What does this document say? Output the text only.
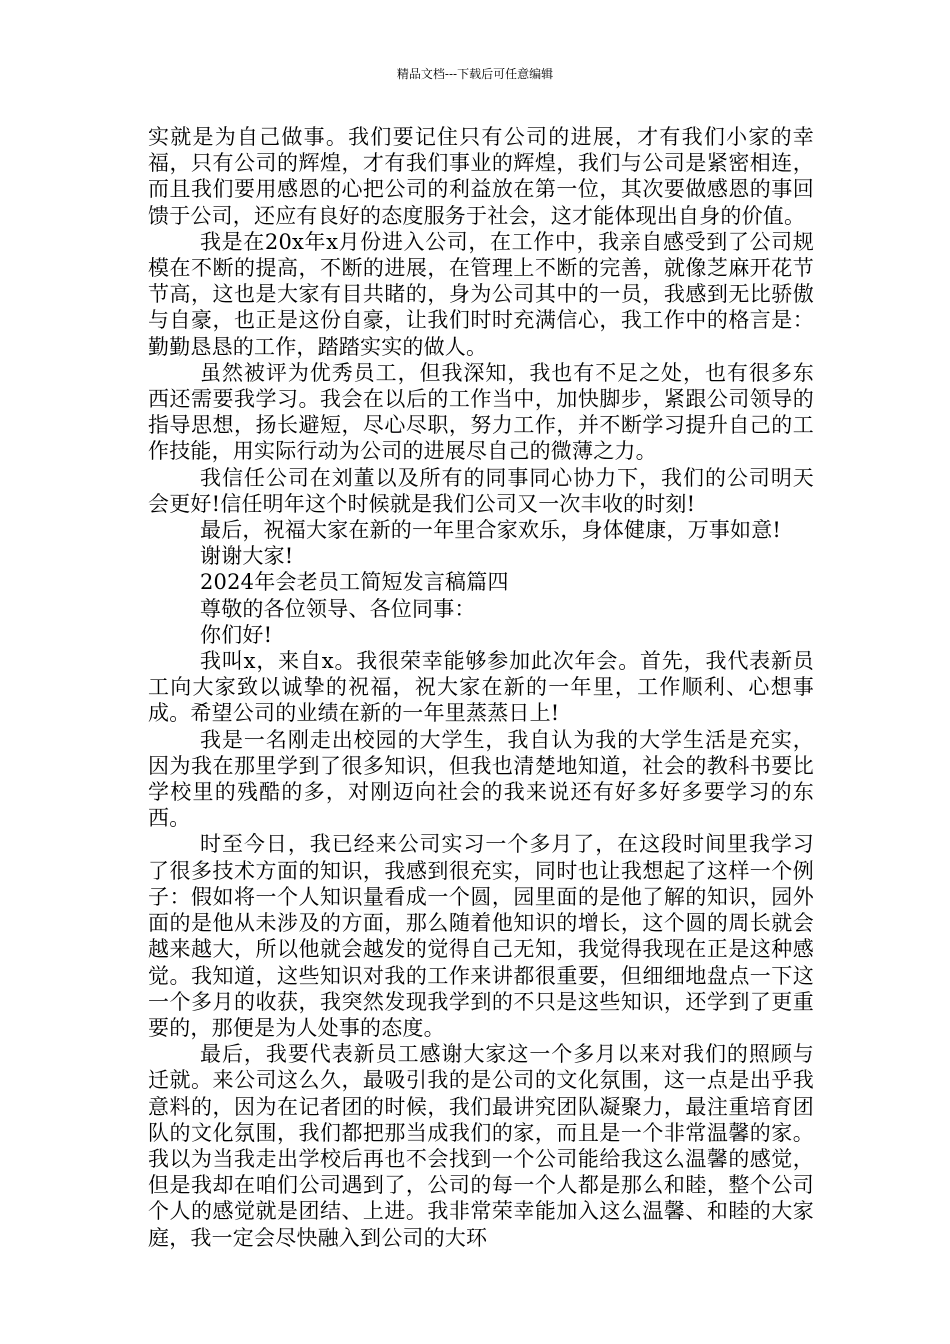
精品文档---下载后可任意编辑

实就是为自己做事。我们要记住只有公司的进展，才有我们小家的幸福，只有公司的辉煌，才有我们事业的辉煌，我们与公司是紧密相连，而且我们要用感恩的心把公司的利益放在第一位，其次要做感恩的事回馈于公司，还应有良好的态度服务于社会，这才能体现出自身的价值。

我是在20x年x月份进入公司，在工作中，我亲自感受到了公司规模在不断的提高，不断的进展，在管理上不断的完善，就像芝麻开花节节高，这也是大家有目共睹的，身为公司其中的一员，我感到无比骄傲与自豪，也正是这份自豪，让我们时时充满信心，我工作中的格言是：勤勤恳恳的工作，踏踏实实的做人。

虽然被评为优秀员工，但我深知，我也有不足之处，也有很多东西还需要我学习。我会在以后的工作当中，加快脚步，紧跟公司领导的指导思想，扬长避短，尽心尽职，努力工作，并不断学习提升自己的工作技能，用实际行动为公司的进展尽自己的微薄之力。

我信任公司在刘董以及所有的同事同心协力下，我们的公司明天会更好!信任明年这个时候就是我们公司又一次丰收的时刻!

最后，祝福大家在新的一年里合家欢乐，身体健康，万事如意!

谢谢大家!

2024年会老员工简短发言稿篇四

尊敬的各位领导、各位同事：

你们好!

我叫x，来自x。我很荣幸能够参加此次年会。首先，我代表新员工向大家致以诚挚的祝福，祝大家在新的一年里，工作顺利、心想事成。希望公司的业绩在新的一年里蒸蒸日上!

我是一名刚走出校园的大学生，我自认为我的大学生活是充实，因为我在那里学到了很多知识，但我也清楚地知道，社会的教科书要比学校里的残酷的多，对刚迈向社会的我来说还有好多好多要学习的东西。

时至今日，我已经来公司实习一个多月了，在这段时间里我学习了很多技术方面的知识，我感到很充实，同时也让我想起了这样一个例子：假如将一个人知识量看成一个圆，园里面的是他了解的知识，园外面的是他从未涉及的方面，那么随着他知识的增长，这个圆的周长就会越来越大，所以他就会越发的觉得自己无知，我觉得我现在正是这种感觉。我知道，这些知识对我的工作来讲都很重要，但细细地盘点一下这一个多月的收获，我突然发现我学到的不只是这些知识，还学到了更重要的，那便是为人处事的态度。

最后，我要代表新员工感谢大家这一个多月以来对我们的照顾与迁就。来公司这么久，最吸引我的是公司的文化氛围，这一点是出乎我意料的，因为在记者团的时候，我们最讲究团队凝聚力，最注重培育团队的文化氛围，我们都把那当成我们的家，而且是一个非常温馨的家。我以为当我走出学校后再也不会找到一个公司能给我这么温馨的感觉，但是我却在咱们公司遇到了，公司的每一个人都是那么和睦，整个公司个人的感觉就是团结、上进。我非常荣幸能加入这么温馨、和睦的大家庭，我一定会尽快融入到公司的大环
